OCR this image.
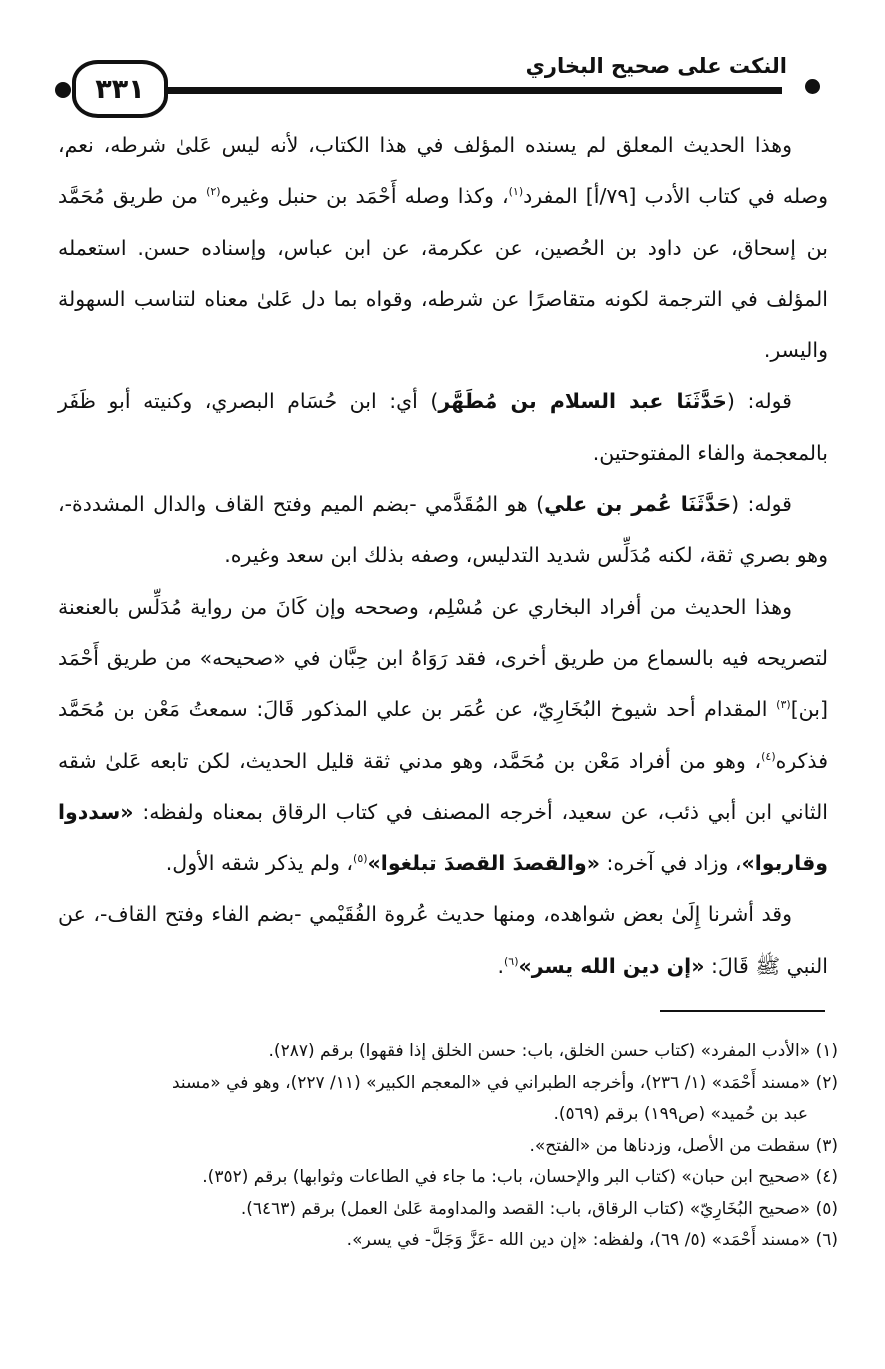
النكت على صحيح البخاري
٣٣١

وهذا الحديث المعلق لم يسنده المؤلف في هذا الكتاب، لأنه ليس عَلىٰ شرطه، نعم، وصله في كتاب الأدب [٧٩/أ] المفرد$^{(١)}$، وكذا وصله أَحْمَد بن حنبل وغيره$^{(٢)}$ من طريق مُحَمَّد بن إسحاق، عن داود بن الحُصين، عن عكرمة، عن ابن عباس، وإسناده حسن. استعمله المؤلف في الترجمة لكونه متقاصرًا عن شرطه، وقواه بما دل عَلىٰ معناه لتناسب السهولة واليسر.

قوله: (حَدَّثَنَا عبد السلام بن مُطَهَّر) أي: ابن حُسَام البصري، وكنيته أبو ظَفَر بالمعجمة والفاء المفتوحتين.

قوله: (حَدَّثَنَا عُمر بن علي) هو المُقَدَّمي -بضم الميم وفتح القاف والدال المشددة-، وهو بصري ثقة، لكنه مُدَلِّس شديد التدليس، وصفه بذلك ابن سعد وغيره.

وهذا الحديث من أفراد البخاري عن مُسْلِم، وصححه وإن كَانَ من رواية مُدَلِّس بالعنعنة لتصريحه فيه بالسماع من طريق أخرى، فقد رَوَاهُ ابن حِبَّان في «صحيحه» من طريق أَحْمَد [بن]$^{(٣)}$ المقدام أحد شيوخ البُخَارِيّ، عن عُمَر بن علي المذكور قَالَ: سمعتُ مَعْن بن مُحَمَّد فذكره$^{(٤)}$، وهو من أفراد مَعْن بن مُحَمَّد، وهو مدني ثقة قليل الحديث، لكن تابعه عَلىٰ شقه الثاني ابن أبي ذئب، عن سعيد، أخرجه المصنف في كتاب الرقاق بمعناه ولفظه: «سددوا وقاربوا»، وزاد في آخره: «والقصدَ القصدَ تبلغوا»$^{(٥)}$، ولم يذكر شقه الأول.

وقد أشرنا إِلَىٰ بعض شواهده، ومنها حديث عُروة الفُقَيْمي -بضم الفاء وفتح القاف-، عن النبي ﷺ قَالَ: «إن دين الله يسر»$^{(٦)}$.

(١) «الأدب المفرد» (كتاب حسن الخلق، باب: حسن الخلق إذا فقهوا) برقم (٢٨٧).

(٢) «مسند أَحْمَد» (١/ ٢٣٦)، وأخرجه الطبراني في «المعجم الكبير» (١١/ ٢٢٧)، وهو في «مسند

عبد بن حُميد» (ص١٩٩) برقم (٥٦٩).

(٣) سقطت من الأصل، وزدناها من «الفتح».

(٤) «صحيح ابن حبان» (كتاب البر والإحسان، باب: ما جاء في الطاعات وثوابها) برقم (٣٥٢).

(٥) «صحيح البُخَارِيّ» (كتاب الرقاق، باب: القصد والمداومة عَلىٰ العمل) برقم (٦٤٦٣).

(٦) «مسند أَحْمَد» (٥/ ٦٩)، ولفظه: «إن دين الله -عَزَّ وَجَلَّ- في يسر».
